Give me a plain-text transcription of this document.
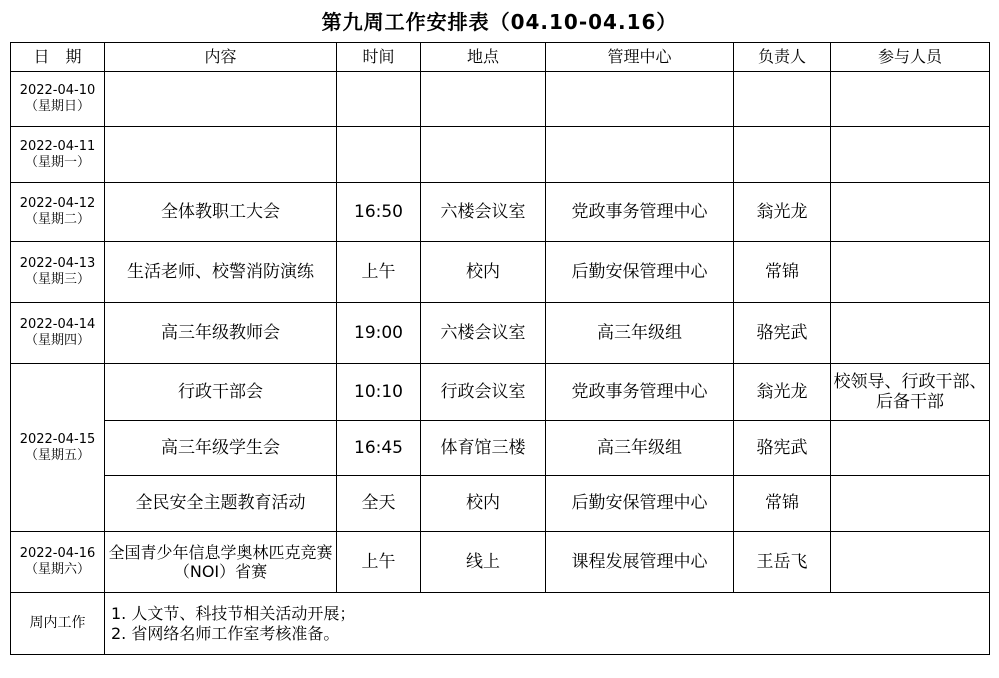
第九周工作安排表（04.10-04.16）
日　期	内容	时间	地点	管理中心	负责人	参与人员

2022-04-10
（星期日）						

2022-04-11
（星期一）						

2022-04-12
（星期二）	全体教职工大会	16:50	六楼会议室	党政事务管理中心	翁光龙	

2022-04-13
（星期三）	生活老师、校警消防演练	上午	校内	后勤安保管理中心	常锦	

2022-04-14
（星期四）	高三年级教师会	19:00	六楼会议室	高三年级组	骆宪武	

2022-04-15
（星期五）	行政干部会	10:10	行政会议室	党政事务管理中心	翁光龙	校领导、行政干部、后备干部
	高三年级学生会	16:45	体育馆三楼	高三年级组	骆宪武	
	全民安全主题教育活动	全天	校内	后勤安保管理中心	常锦	

2022-04-16
（星期六）	全国青少年信息学奥林匹克竞赛（NOI）省赛	上午	线上	课程发展管理中心	王岳飞	
周内工作	1. 人文节、科技节相关活动开展；
2. 省网络名师工作室考核准备。					
